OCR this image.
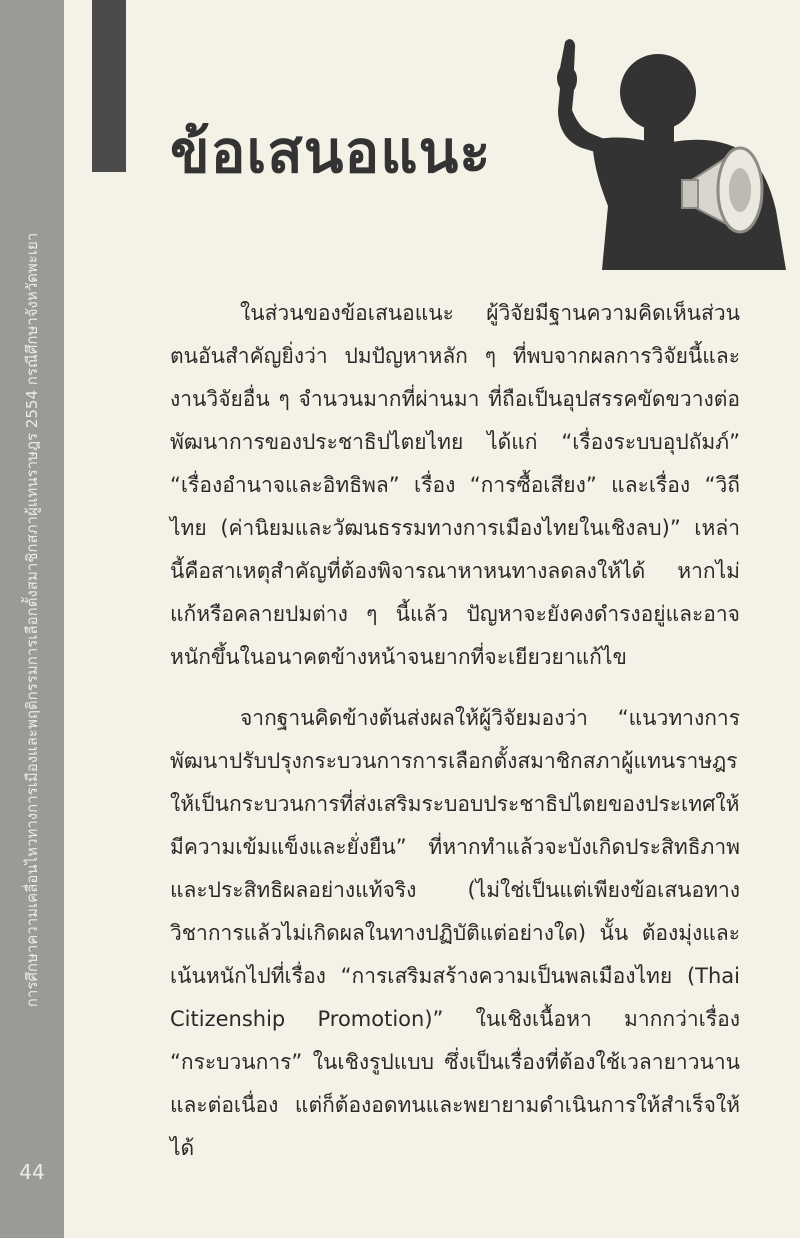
การศึกษาความเคลื่อนไหวทางการเมืองและพฤติกรรมการเลือกตั้งสมาชิกสภาผู้แทนราษฎร 2554 กรณีศึกษาจังหวัดพะเยา
44
ข้อเสนอแนะ

ในส่วนของข้อเสนอแนะ ผู้วิจัยมีฐานความคิดเห็นส่วนตนอันสำคัญยิ่งว่า ปมปัญหาหลัก ๆ ที่พบจากผลการวิจัยนี้และงานวิจัยอื่น ๆ จำนวนมากที่ผ่านมา ที่ถือเป็นอุปสรรคขัดขวางต่อพัฒนาการของประชาธิปไตยไทย ได้แก่ “เรื่องระบบอุปถัมภ์” “เรื่องอำนาจและอิทธิพล” เรื่อง “การซื้อเสียง” และเรื่อง “วิถีไทย (ค่านิยมและวัฒนธรรมทางการเมืองไทยในเชิงลบ)” เหล่านี้คือสาเหตุสำคัญที่ต้องพิจารณาหาหนทางลดลงให้ได้ หากไม่แก้หรือคลายปมต่าง ๆ นี้แล้ว ปัญหาจะยังคงดำรงอยู่และอาจหนักขึ้นในอนาคตข้างหน้าจนยากที่จะเยียวยาแก้ไข

จากฐานคิดข้างต้นส่งผลให้ผู้วิจัยมองว่า “แนวทางการพัฒนาปรับปรุงกระบวนการการเลือกตั้งสมาชิกสภาผู้แทนราษฎรให้เป็นกระบวนการที่ส่งเสริมระบอบประชาธิปไตยของประเทศให้มีความเข้มแข็งและยั่งยืน” ที่หากทำแล้วจะบังเกิดประสิทธิภาพและประสิทธิผลอย่างแท้จริง (ไม่ใช่เป็นแต่เพียงข้อเสนอทางวิชาการแล้วไม่เกิดผลในทางปฏิบัติแต่อย่างใด) นั้น ต้องมุ่งและเน้นหนักไปที่เรื่อง “การเสริมสร้างความเป็นพลเมืองไทย (Thai Citizenship Promotion)” ในเชิงเนื้อหา มากกว่าเรื่อง “กระบวนการ” ในเชิงรูปแบบ ซึ่งเป็นเรื่องที่ต้องใช้เวลายาวนานและต่อเนื่อง แต่ก็ต้องอดทนและพยายามดำเนินการให้สำเร็จให้ได้
